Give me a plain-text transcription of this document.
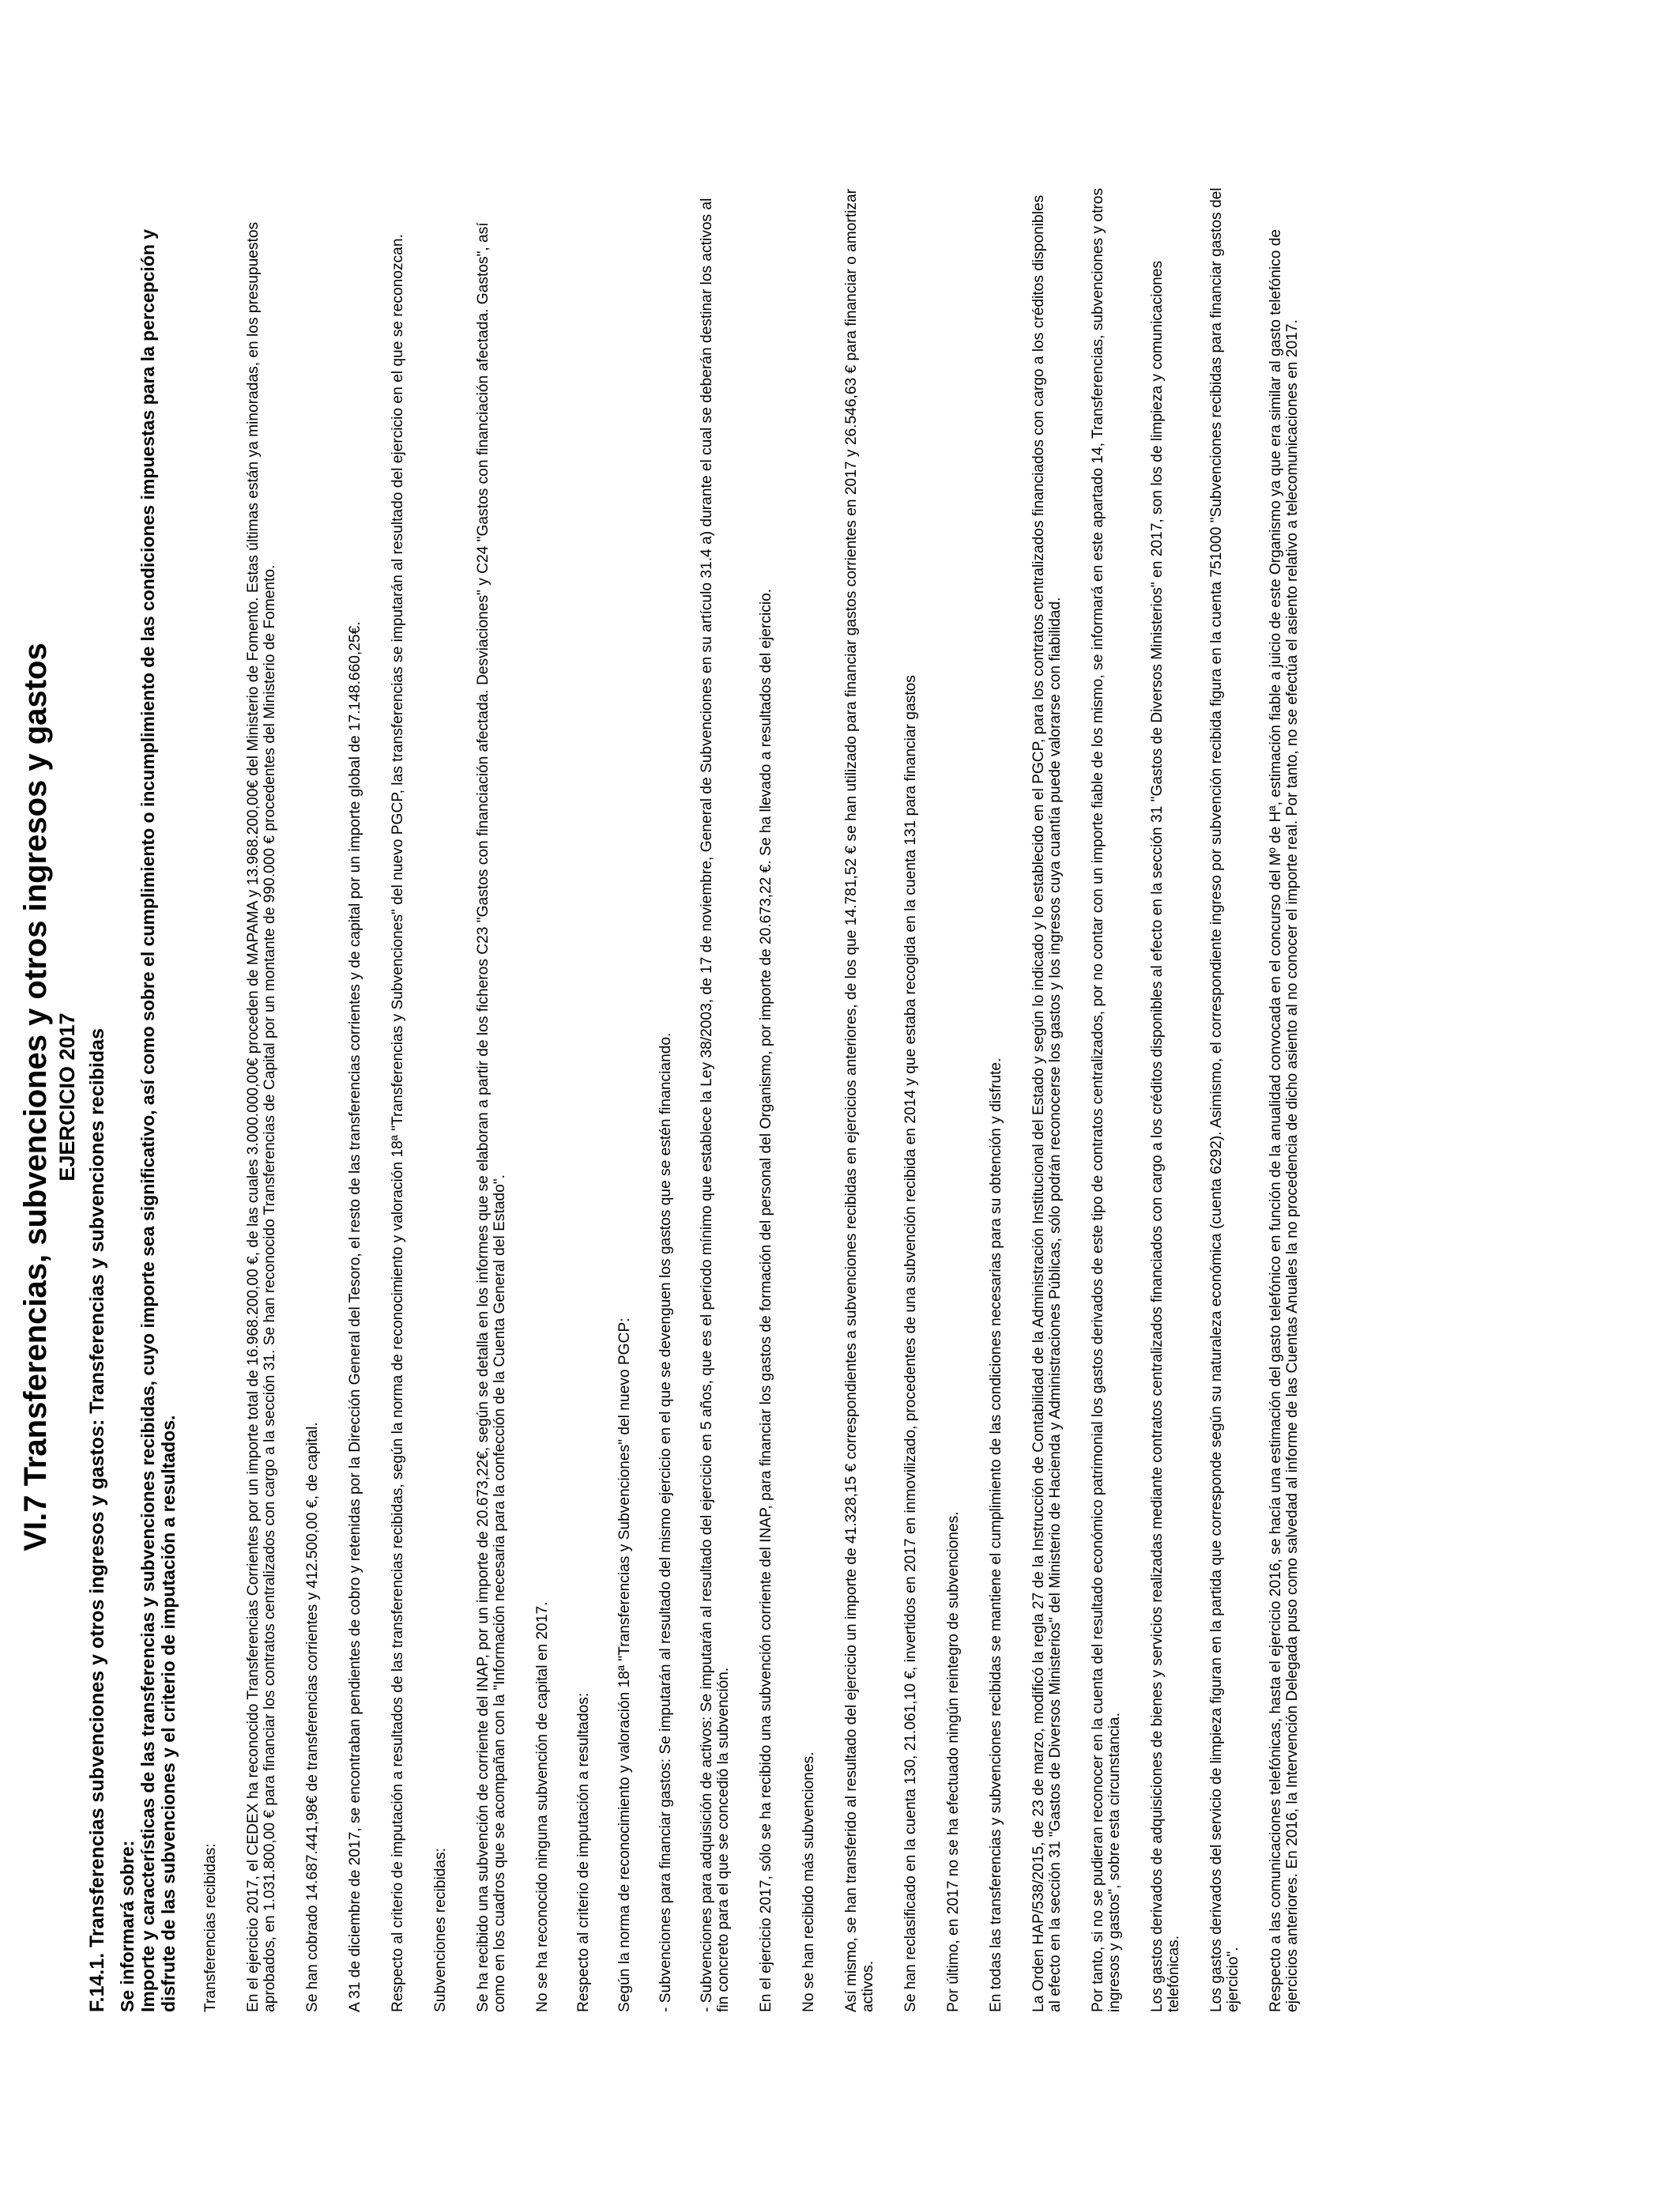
VI.7 Transferencias, subvenciones y otros ingresos y gastos EJERCICIO 2017 F.14.1. Transferencias subvenciones y otros ingresos y gastos: Transferencias y subvenciones recibidas Se informará sobre: Importe y características de las transferencias y subvenciones recibidas, cuyo importe sea significativo, así como sobre el cumplimiento o incumplimiento de las condiciones impuestas para la percepción y disfrute de las subvenciones y el criterio de imputación a resultados. Transferencias recibidas: En el ejercicio 2017, el CEDEX ha reconocido Transferencias Corrientes por un importe total de 16.968.200,00 €, de las cuales 3.000.000,00€ proceden de MAPAMA y 13.968.200,00€ del Ministerio de Fomento. Estas últimas están ya minoradas, en los presupuestos aprobados, en 1.031.800,00 € para financiar los contratos centralizados con cargo a la sección 31. Se han reconocido Transferencias de Capital por un montante de 990.000 € procedentes del Ministerio de Fomento. Se han cobrado 14.687.441,98€ de transferencias corrientes y 412.500,00 €, de capital. A 31 de diciembre de 2017, se encontraban pendientes de cobro y retenidas por la Dirección General del Tesoro, el resto de las transferencias corrientes y de capital por un importe global de 17.148.660,25€. Respecto al criterio de imputación a resultados de las transferencias recibidas, según la norma de reconocimiento y valoración 18ª "Transferencias y Subvenciones" del nuevo PGCP, las transferencias se imputarán al resultado del ejercicio en el que se reconozcan. Subvenciones recibidas: Se ha recibido una subvención de corriente del INAP, por un importe de 20.673,22€, según se detalla en los informes que se elaboran a partir de los ficheros C23 "Gastos con financiación afectada. Desviaciones" y C24 "Gastos con financiación afectada. Gastos", así como en los cuadros que se acompañan con la "Información necesaria para la confección de la Cuenta General del Estado". No se ha reconocido ninguna subvención de capital en 2017. Respecto al criterio de imputación a resultados: Según la norma de reconocimiento y valoración 18ª "Transferencias y Subvenciones" del nuevo PGCP: - Subvenciones para financiar gastos: Se imputarán al resultado del mismo ejercicio en el que se devenguen los gastos que se estén financiando. - Subvenciones para adquisición de activos: Se imputarán al resultado del ejercicio en 5 años, que es el periodo mínimo que establece la Ley 38/2003, de 17 de noviembre, General de Subvenciones en su artículo 31.4 a) durante el cual se deberán destinar los activos al fin concreto para el que se concedió la subvención. En el ejercicio 2017, sólo se ha recibido una subvención corriente del INAP, para financiar los gastos de formación del personal del Organismo, por importe de 20.673,22 €. Se ha llevado a resultados del ejercicio. No se han recibido más subvenciones. Así mismo, se han transferido al resultado del ejercicio un importe de 41.328,15 € correspondientes a subvenciones recibidas en ejercicios anteriores, de los que 14.781,52 € se han utilizado para financiar gastos corrientes en 2017 y 26.546,63 € para financiar o amortizar activos. Se han reclasificado en la cuenta 130, 21.061,10 €, invertidos en 2017 en inmovilizado, procedentes de una subvención recibida en 2014 y que estaba recogida en la cuenta 131 para financiar gastos Por último, en 2017 no se ha efectuado ningún reintegro de subvenciones. En todas las transferencias y subvenciones recibidas se mantiene el cumplimiento de las condiciones necesarias para su obtención y disfrute. La Orden HAP/538/2015, de 23 de marzo, modificó la regla 27 de la Instrucción de Contabilidad de la Administración Institucional del Estado y según lo indicado y lo establecido en el PGCP, para los contratos centralizados financiados con cargo a los créditos disponibles al efecto en la sección 31 "Gastos de Diversos Ministerios" del Ministerio de Hacienda y Administraciones Públicas, sólo podrán reconocerse los gastos y los ingresos cuya cuantía puede valorarse con fiabilidad. Por tanto, si no se pudieran reconocer en la cuenta del resultado económico patrimonial los gastos derivados de este tipo de contratos centralizados, por no contar con un importe fiable de los mismo, se informará en este apartado 14, Transferencias, subvenciones y otros ingresos y gastos", sobre esta circunstancia. Los gastos derivados de adquisiciones de bienes y servicios realizadas mediante contratos centralizados financiados con cargo a los créditos disponibles al efecto en la sección 31 "Gastos de Diversos Ministerios" en 2017, son los de limpieza y comunicaciones telefónicas. Los gastos derivados del servicio de limpieza figuran en la partida que corresponde según su naturaleza económica (cuenta 6292). Asimismo, el correspondiente ingreso por subvención recibida figura en la cuenta 751000 "Subvenciones recibidas para financiar gastos del ejercicio". Respecto a las comunicaciones telefónicas, hasta el ejercicio 2016, se hacía una estimación del gasto telefónico en función de la anualidad convocada en el concurso del Mº de Hª, estimación fiable a juicio de este Organismo ya que era similar al gasto telefónico de ejercicios anteriores. En 2016, la Intervención Delegada puso como salvedad al informe de las Cuentas Anuales la no procedencia de dicho asiento al no conocer el importe real. Por tanto, no se efectúa el asiento relativo a telecomunicaciones en 2017.
